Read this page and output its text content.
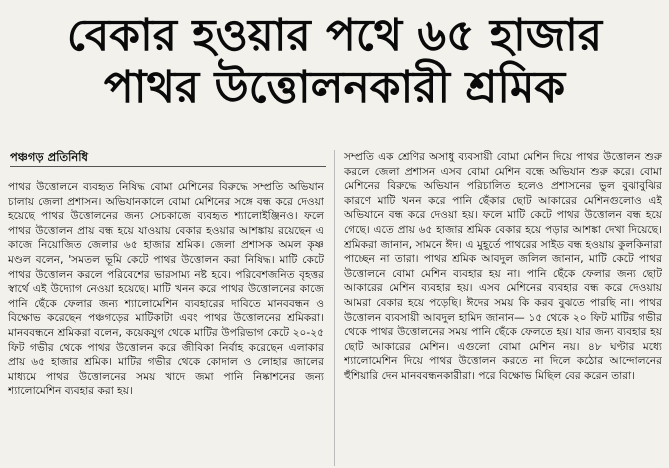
বেকার হওয়ার পথে ৬৫ হাজার
পাথর উত্তোলনকারী শ্রমিক
পঞ্চগড় প্রতিনিধি

পাথর উত্তোলনে ব্যবহৃত নিষিদ্ধ বোমা মেশিনের বিরুদ্ধে সম্প্রতি অভিযান চালায় জেলা প্রশাসন। অভিযানকালে বোমা মেশিনের সঙ্গে বন্ধ করে দেওয়া হয়েছে পাথর উত্তোলনের জন্য সেচকাজে ব্যবহৃত শ্যালোইঞ্জিনও। ফলে পাথর উত্তোলন প্রায় বন্ধ হয়ে যাওয়ায় বেকার হওয়ার আশঙ্কায় রয়েছেন এ কাজে নিয়োজিত জেলার ৬৫ হাজার শ্রমিক। জেলা প্রশাসক অমল কৃষ্ণ মণ্ডল বলেন, 'সমতল ভূমি কেটে পাথর উত্তোলন করা নিষিদ্ধ। মাটি কেটে পাথর উত্তোলন করলে পরিবেশের ভারসাম্য নষ্ট হবে। পরিবেশজনিত বৃহত্তর স্বার্থে এই উদ্যোগ নেওয়া হয়েছে। মাটি খনন করে পাথর উত্তোলনের কাজে পানি ছেঁকে ফেলার জন্য শ্যালোমেশিন ব্যবহারের দাবিতে মানববন্ধন ও বিক্ষোভ করেছেন পঞ্চগড়ের মাটিকাটা এবং পাথর উত্তোলনের শ্রমিকরা। মানববন্ধনে শ্রমিকরা বলেন, কয়েকযুগ থেকে মাটির উপরিভাগ কেটে ২০-২৫ ফিট গভীর থেকে পাথর উত্তোলন করে জীবিকা নির্বাহ করেছেন এলাকার প্রায় ৬৫ হাজার শ্রমিক। মাটির গভীর থেকে কোদাল ও লোহার জালের মাধ্যমে পাথর উত্তোলনের সময় খাদে জমা পানি নিষ্কাশনের জন্য শ্যালোমেশিন ব্যবহার করা হয়।

সম্প্রতি এক শ্রেণির অসাধু ব্যবসায়ী বোমা মেশিন দিয়ে পাথর উত্তোলন শুরু করলে জেলা প্রশাসন এসব বোমা মেশিন বন্ধে অভিযান শুরু করে। বোমা মেশিনের বিরুদ্ধে অভিযান পরিচালিত হলেও প্রশাসনের ভুল বুঝাবুঝির কারণে মাটি খনন করে পানি ছেঁকার ছোট আকারের মেশিনগুলোও এই অভিযানে বন্ধ করে দেওয়া হয়। ফলে মাটি কেটে পাথর উত্তোলন বন্ধ হয়ে গেছে। এতে প্রায় ৬৫ হাজার শ্রমিক বেকার হয়ে পড়ার আশঙ্কা দেখা দিয়েছে। শ্রমিকরা জানান, সামনে ঈদ। এ মুহূর্তে পাথরের সাইড বন্ধ হওয়ায় কুলকিনারা পাচ্ছেন না তারা। পাথর শ্রমিক আবদুল জলিল জানান, মাটি কেটে পাথর উত্তোলনে বোমা মেশিন ব্যবহার হয় না। পানি ছেঁকে ফেলার জন্য ছোট আকারের মেশিন ব্যবহার হয়। এসব মেশিনের ব্যবহার বন্ধ করে দেওয়ায় আমরা বেকার হয়ে পড়েছি। ঈদের সময় কি করব বুঝতে পারছি না। পাথর উত্তোলন ব্যবসায়ী আবদুল হামিদ জানান— ১৫ থেকে ২০ ফিট মাটির গভীর থেকে পাথর উত্তোলনের সময় পানি ছেঁকে ফেলতে হয়। যার জন্য ব্যবহার হয় ছোট আকারের মেশিন। এগুলো বোমা মেশিন নয়। ৪৮ ঘণ্টার মধ্যে শ্যালোমেশিন দিয়ে পাথর উত্তোলন করতে না দিলে কঠোর আন্দোলনের হুঁশিয়ারি দেন মানববন্ধনকারীরা। পরে বিক্ষোভ মিছিল বের করেন তারা।
